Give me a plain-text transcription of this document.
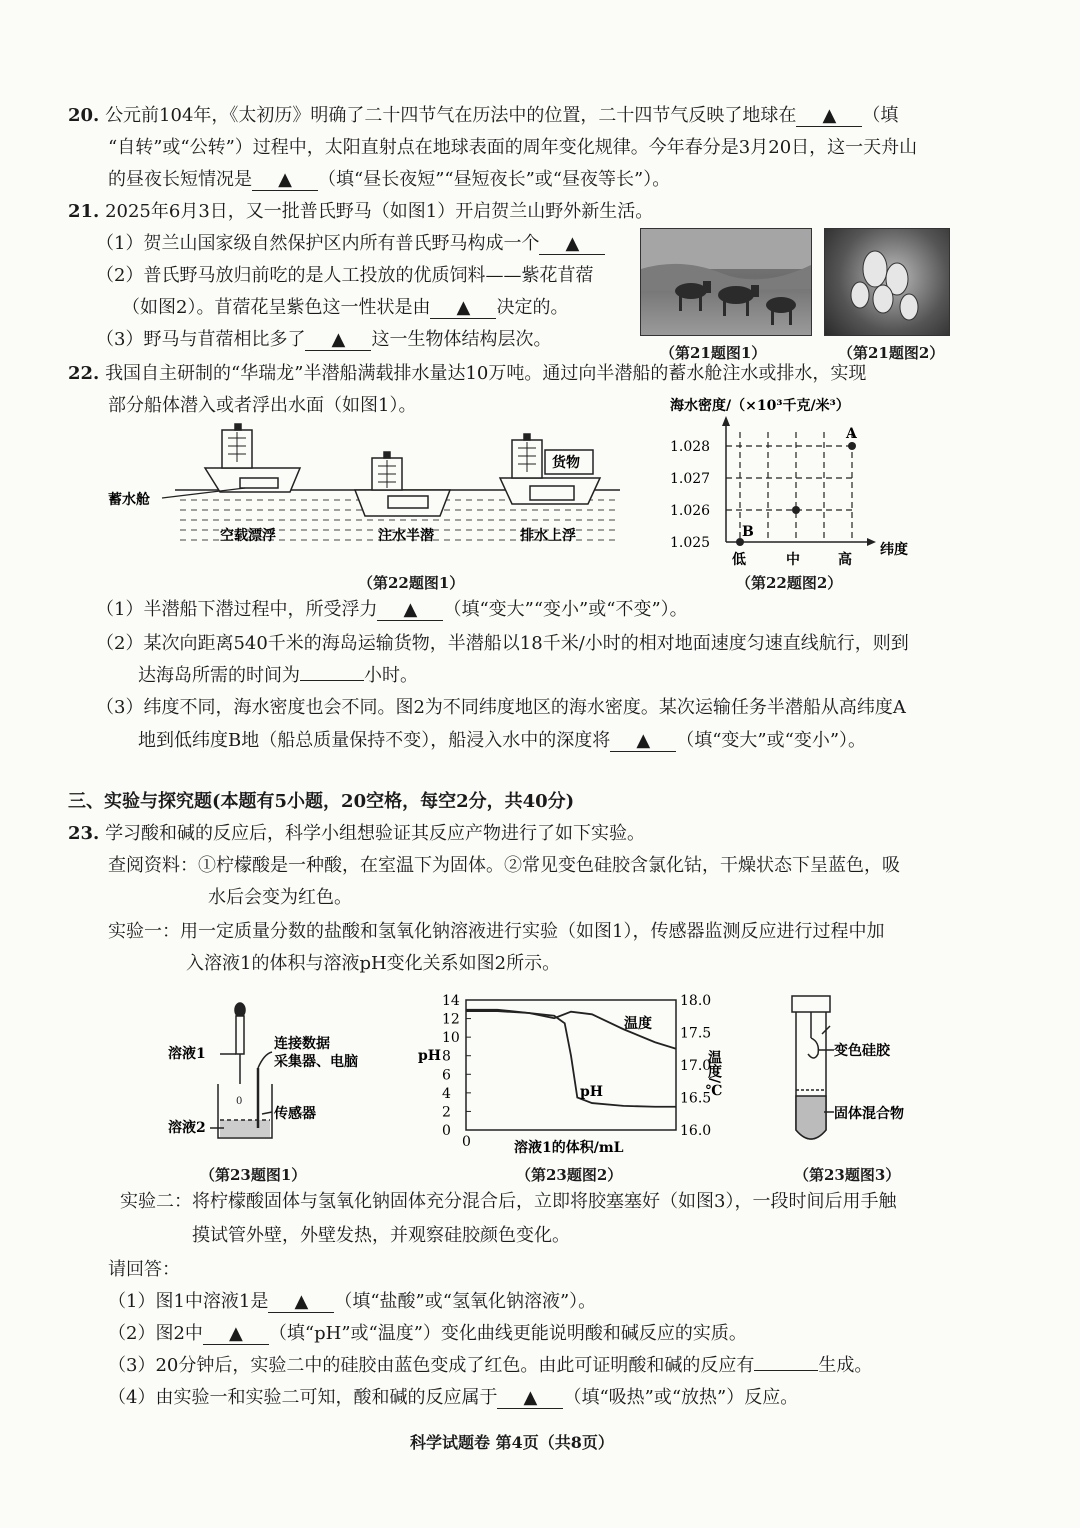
20. 公元前104年，《太初历》明确了二十四节气在历法中的位置，二十四节气反映了地球在 ▲ （填
“自转”或“公转”）过程中，太阳直射点在地球表面的周年变化规律。今年春分是3月20日，这一天舟山
的昼夜长短情况是 ▲ （填“昼长夜短”“昼短夜长”或“昼夜等长”）。
21. 2025年6月3日，又一批普氏野马（如图1）开启贺兰山野外新生活。
（1）贺兰山国家级自然保护区内所有普氏野马构成一个 ▲
（2）普氏野马放归前吃的是人工投放的优质饲料——紫花苜蓿
（如图2）。苜蓿花呈紫色这一性状是由 ▲ 决定的。
（3）野马与苜蓿相比多了 ▲ 这一生物体结构层次。
（第21题图1）	（第21题图2）
22. 我国自主研制的“华瑞龙”半潜船满载排水量达10万吨。通过向半潜船的蓄水舱注水或排水，实现
部分船体潜入或者浮出水面（如图1）。
蓄水舱
货物
空载漂浮	注水半潜	排水上浮
（第22题图1）
海水密度/（×10³千克/米³）
1.028
1.027
1.026
1.025
低	中	高
纬度
A
B
（第22题图2）
（1）半潜船下潜过程中，所受浮力 ▲ （填“变大”“变小”或“不变”）。
（2）某次向距离540千米的海岛运输货物，半潜船以18千米/小时的相对地面速度匀速直线航行，则到
达海岛所需的时间为	小时。
（3）纬度不同，海水密度也会不同。图2为不同纬度地区的海水密度。某次运输任务半潜船从高纬度A
地到低纬度B地（船总质量保持不变），船浸入水中的深度将 ▲ （填“变大”或“变小”）。
三、实验与探究题(本题有5小题，20空格，每空2分，共40分)
23. 学习酸和碱的反应后，科学小组想验证其反应产物进行了如下实验。
查阅资料：①柠檬酸是一种酸，在室温下为固体。②常见变色硅胶含氯化钴，干燥状态下呈蓝色，吸
水后会变为红色。
实验一：用一定质量分数的盐酸和氢氧化钠溶液进行实验（如图1），传感器监测反应进行过程中加
入溶液1的体积与溶液pH变化关系如图2所示。
0
溶液1
溶液2
连接数据
采集器、电脑
传感器
（第23题图1）
pH
14
12
10
8
6
4
2
0
18.0
17.5
17.0
16.5
16.0
温度
pH
溶液1的体积/mL
0
温度/℃
（第23题图2）
变色硅胶
固体混合物
（第23题图3）
实验二：将柠檬酸固体与氢氧化钠固体充分混合后，立即将胶塞塞好（如图3），一段时间后用手触
摸试管外壁，外壁发热，并观察硅胶颜色变化。
请回答：
（1）图1中溶液1是 ▲ （填“盐酸”或“氢氧化钠溶液”）。
（2）图2中 ▲ （填“pH”或“温度”）变化曲线更能说明酸和碱反应的实质。
（3）20分钟后，实验二中的硅胶由蓝色变成了红色。由此可证明酸和碱的反应有	生成。
（4）由实验一和实验二可知，酸和碱的反应属于 ▲ （填“吸热”或“放热”）反应。
科学试题卷 第4页（共8页）
